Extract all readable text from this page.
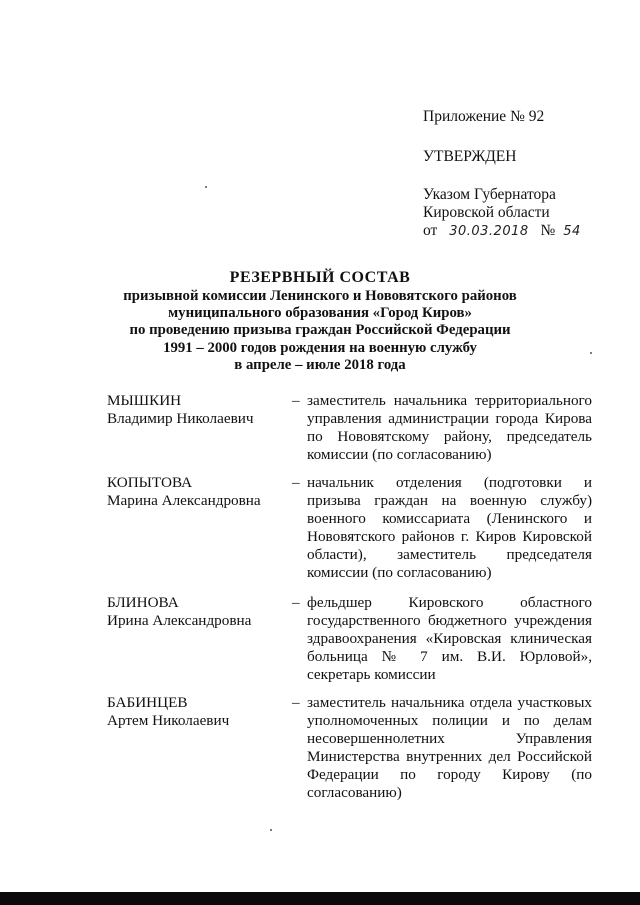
Приложение № 92
УТВЕРЖДЕН
Указом Губернатора
Кировской области
от 30.03.2018 № 54
РЕЗЕРВНЫЙ СОСТАВ
призывной комиссии Ленинского и Нововятского районов
муниципального образования «Город Киров»
по проведению призыва граждан Российской Федерации
1991 – 2000 годов рождения на военную службу
в апреле – июле 2018 года
МЫШКИН
Владимир Николаевич
– заместитель начальника территориального управления администрации города Кирова по Нововятскому району, председатель комиссии (по согласованию)
КОПЫТОВА
Марина Александровна
– начальник отделения (подготовки и призыва граждан на военную службу) военного комиссариата (Ленинского и Нововятского районов г. Киров Кировской области), заместитель председателя комиссии (по согласованию)
БЛИНОВА
Ирина Александровна
– фельдшер Кировского областного государственного бюджетного учреждения здравоохранения «Кировская клиническая больница № 7 им. В.И. Юрловой», секретарь комиссии
БАБИНЦЕВ
Артем Николаевич
– заместитель начальника отдела участковых уполномоченных полиции и по делам несовершеннолетних Управления Министерства внутренних дел Российской Федерации по городу Кирову (по согласованию)
